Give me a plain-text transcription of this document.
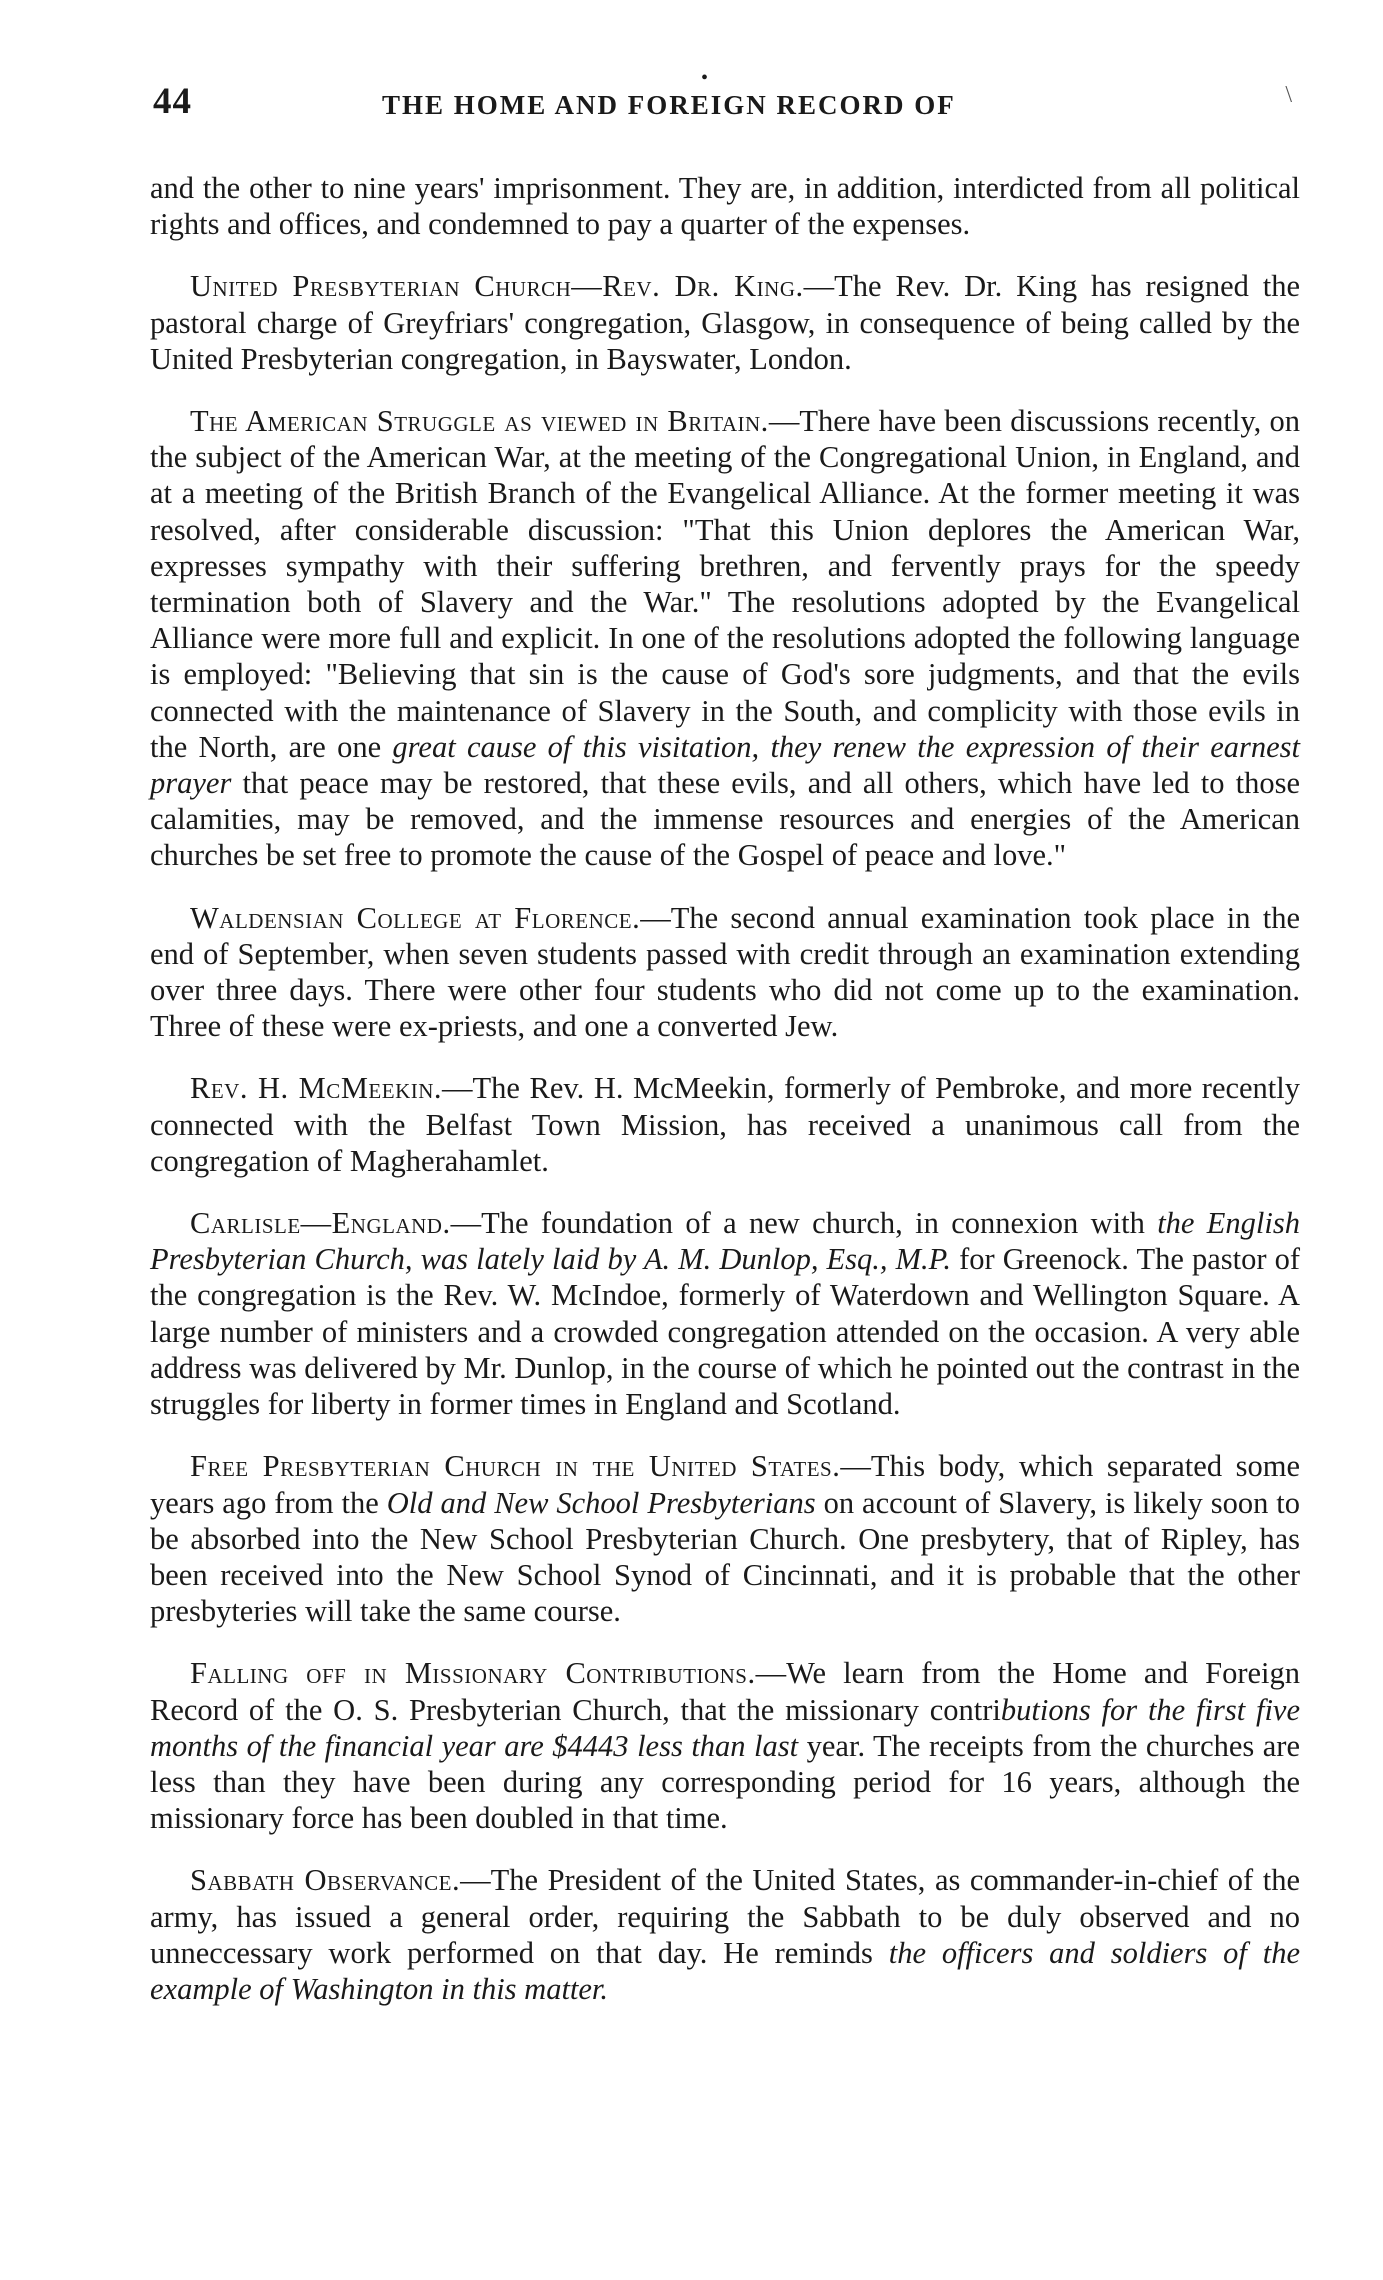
44
•
THE HOME AND FOREIGN RECORD OF	\

and the other to nine years' imprisonment. They are, in addition, interdicted from all political rights and offices, and condemned to pay a quarter of the expenses.

United Presbyterian Church—Rev. Dr. King.—The Rev. Dr. King has resigned the pastoral charge of Greyfriars' congregation, Glasgow, in consequence of being called by the United Presbyterian congregation, in Bayswater, London.

The American Struggle as viewed in Britain.—There have been discussions recently, on the subject of the American War, at the meeting of the Congregational Union, in England, and at a meeting of the British Branch of the Evangelical Alliance. At the former meeting it was resolved, after considerable discussion: "That this Union deplores the American War, expresses sympathy with their suffering brethren, and fervently prays for the speedy termination both of Slavery and the War." The resolutions adopted by the Evangelical Alliance were more full and explicit. In one of the resolutions adopted the following language is employed: "Believing that sin is the cause of God's sore judgments, and that the evils connected with the maintenance of Slavery in the South, and complicity with those evils in the North, are one great cause of this visitation, they renew the expression of their earnest prayer that peace may be restored, that these evils, and all others, which have led to those calamities, may be removed, and the immense resources and energies of the American churches be set free to promote the cause of the Gospel of peace and love."

Waldensian College at Florence.—The second annual examination took place in the end of September, when seven students passed with credit through an examination extending over three days. There were other four students who did not come up to the examination. Three of these were ex-priests, and one a converted Jew.

Rev. H. McMeekin.—The Rev. H. McMeekin, formerly of Pembroke, and more recently connected with the Belfast Town Mission, has received a unanimous call from the congregation of Magherahamlet.

Carlisle—England.—The foundation of a new church, in connexion with the English Presbyterian Church, was lately laid by A. M. Dunlop, Esq., M.P. for Greenock. The pastor of the congregation is the Rev. W. McIndoe, formerly of Waterdown and Wellington Square. A large number of ministers and a crowded congregation attended on the occasion. A very able address was delivered by Mr. Dunlop, in the course of which he pointed out the contrast in the struggles for liberty in former times in England and Scotland.

Free Presbyterian Church in the United States.—This body, which separated some years ago from the Old and New School Presbyterians on account of Slavery, is likely soon to be absorbed into the New School Presbyterian Church. One presbytery, that of Ripley, has been received into the New School Synod of Cincinnati, and it is probable that the other presbyteries will take the same course.

Falling off in Missionary Contributions.—We learn from the Home and Foreign Record of the O. S. Presbyterian Church, that the missionary contributions for the first five months of the financial year are $4443 less than last year. The receipts from the churches are less than they have been during any corresponding period for 16 years, although the missionary force has been doubled in that time.

Sabbath Observance.—The President of the United States, as commander-in-chief of the army, has issued a general order, requiring the Sabbath to be duly observed and no unneccessary work performed on that day. He reminds the officers and soldiers of the example of Washington in this matter.
